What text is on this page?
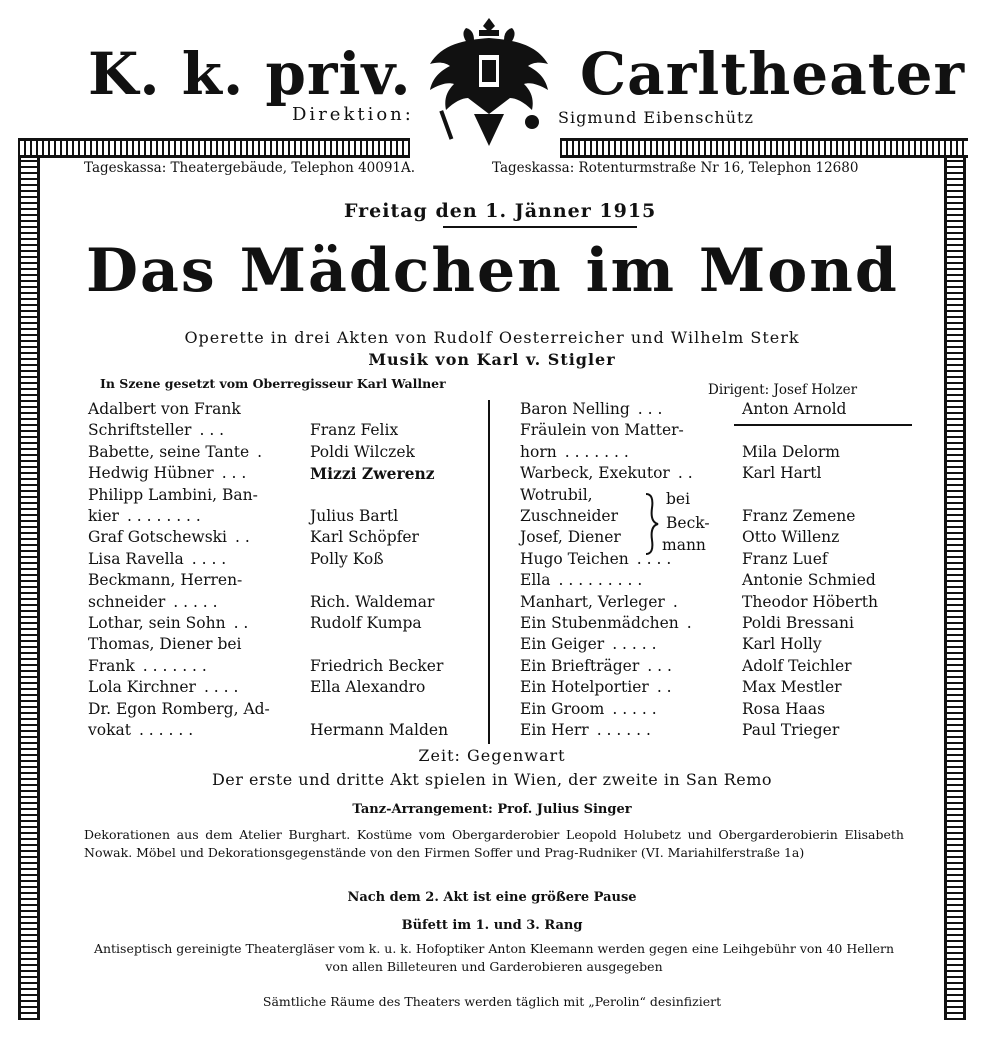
K. k. priv.	Carltheater
Direktion:	Sigmund Eibenschütz
Tageskassa: Theatergebäude, Telephon 40091A.	Tageskassa: Rotenturmstraße Nr 16, Telephon 12680
Freitag den 1. Jänner 1915
Das Mädchen im Mond
Operette in drei Akten von Rudolf Oesterreicher und Wilhelm Sterk
Musik von Karl v. Stigler
In Szene gesetzt vom Oberregisseur Karl Wallner	Dirigent: Josef Holzer
Adalbert von Frank
Schriftsteller . . .	Franz Felix
Babette, seine Tante .	Poldi Wilczek
Hedwig Hübner . . .	Mizzi Zwerenz
Philipp Lambini, Ban-
kier . . . . . . . .	Julius Bartl
Graf Gotschewski . .	Karl Schöpfer
Lisa Ravella . . . .	Polly Koß
Beckmann, Herren-
schneider . . . . .	Rich. Waldemar
Lothar, sein Sohn . .	Rudolf Kumpa
Thomas, Diener bei
Frank . . . . . . .	Friedrich Becker
Lola Kirchner . . . .	Ella Alexandro
Dr. Egon Romberg, Ad-
vokat . . . . . .	Hermann Malden
Baron Nelling . . .	Anton Arnold
Fräulein von Matter-
horn . . . . . . .	Mila Delorm
Warbeck, Exekutor . .	Karl Hartl
Wotrubil,
Zuschneider	Franz Zemene
Josef, Diener	Otto Willenz
Hugo Teichen . . . .	Franz Luef
Ella . . . . . . . . .	Antonie Schmied
Manhart, Verleger .	Theodor Höberth
Ein Stubenmädchen .	Poldi Bressani
Ein Geiger . . . . .	Karl Holly
Ein Briefträger . . .	Adolf Teichler
Ein Hotelportier . .	Max Mestler
Ein Groom . . . . .	Rosa Haas
Ein Herr . . . . . .	Paul Trieger
bei
Beck-
mann
Zeit: Gegenwart
Der erste und dritte Akt spielen in Wien, der zweite in San Remo
Tanz-Arrangement: Prof. Julius Singer
Dekorationen aus dem Atelier Burghart. Kostüme vom Obergarderobier Leopold Holubetz und Obergarderobierin Elisabeth Nowak. Möbel und Dekorationsgegenstände von den Firmen Soffer und Prag-Rudniker (VI. Mariahilferstraße 1a)
Nach dem 2. Akt ist eine größere Pause
Büfett im 1. und 3. Rang
Antiseptisch gereinigte Theatergläser vom k. u. k. Hofoptiker Anton Kleemann werden gegen eine Leihgebühr von 40 Hellern von allen Billeteuren und Garderobieren ausgegeben
Sämtliche Räume des Theaters werden täglich mit „Perolin“ desinfiziert
